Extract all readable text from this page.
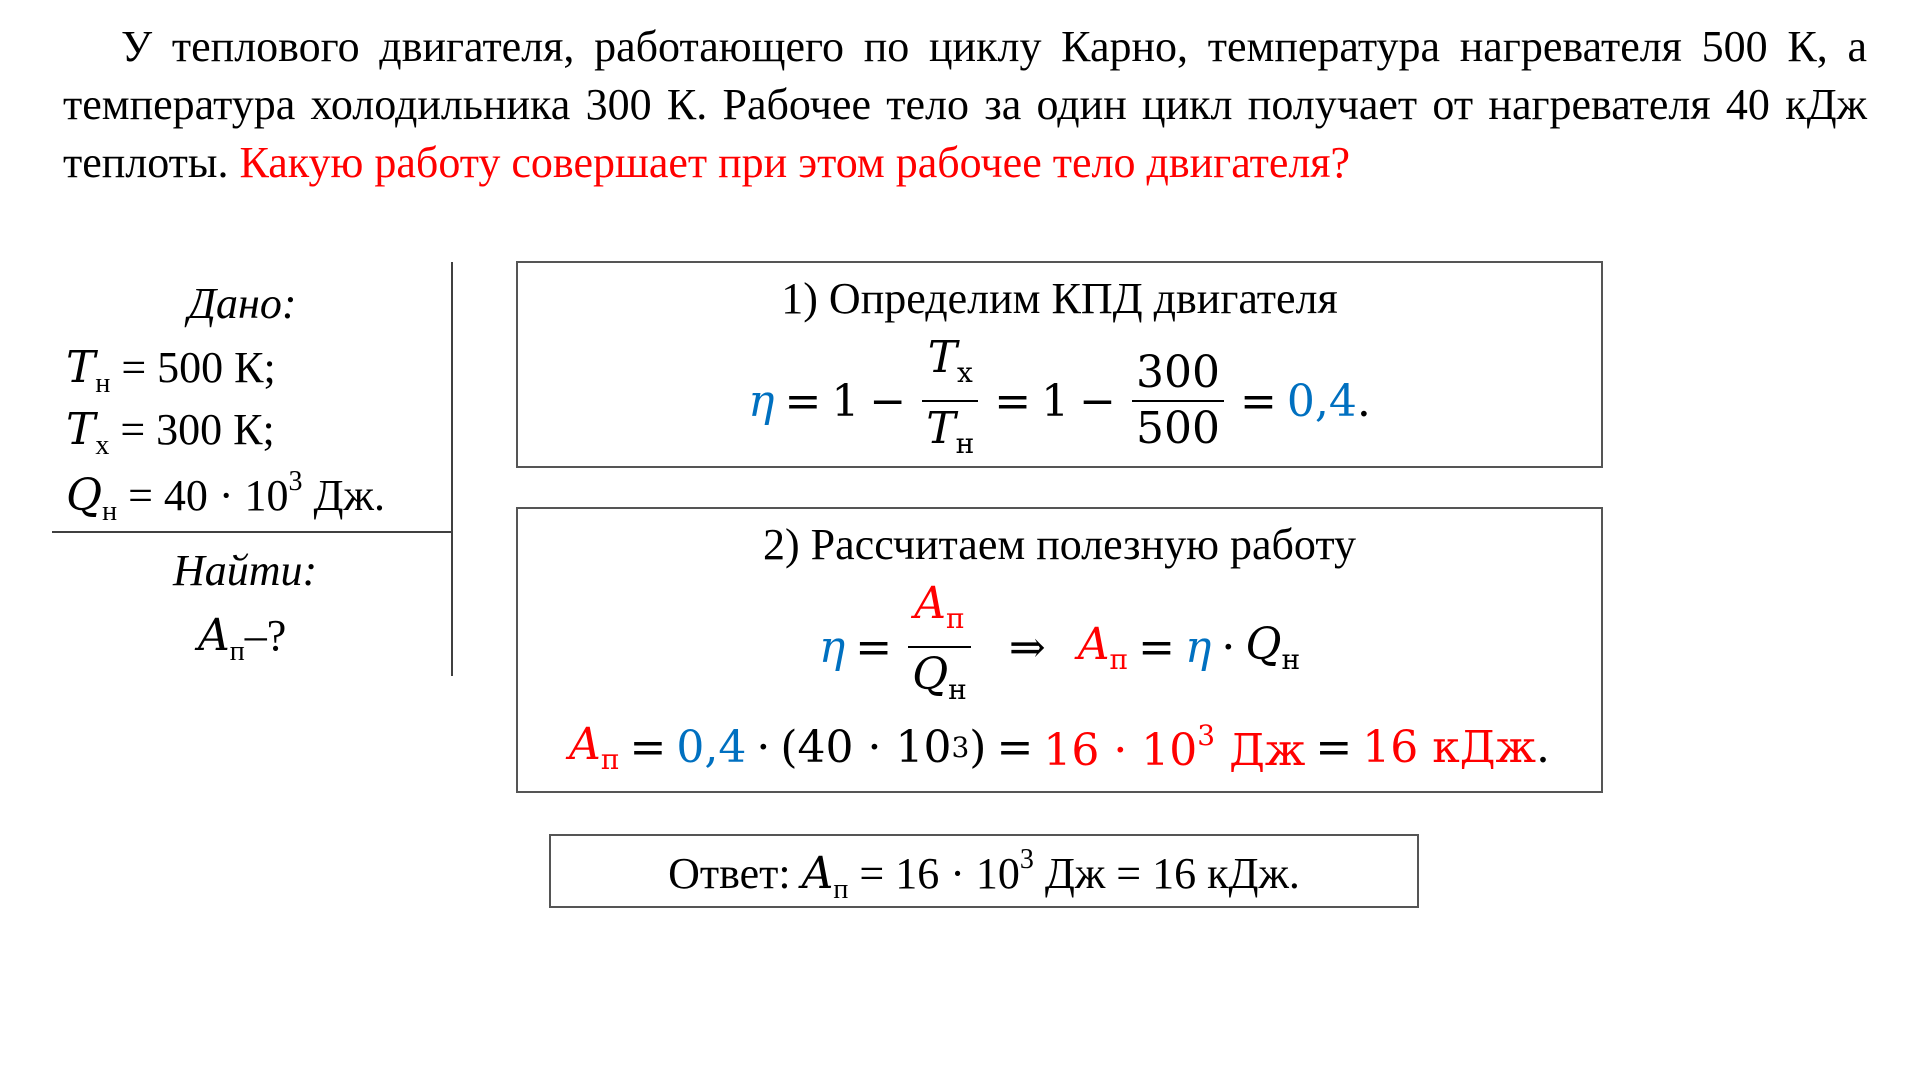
У теплового двигателя, работающего по циклу Карно, температура нагревателя 500 К, а температура холодильника 300 К. Рабочее тело за один цикл получает от нагревателя 40 кДж теплоты. Какую работу совершает при этом рабочее тело двигателя?
Дано:
$T_н = 500$ К;
$T_х = 300$ К;
$Q_н = 40 \cdot 10^3$ Дж.
Найти:
$A_п-$?
1) Определим КПД двигателя
$\eta = 1 - \frac{T_х}{T_н} = 1 - \frac{300}{500} = 0,4$ .
2) Рассчитаем полезную работу
$\eta = \frac{A_п}{Q_н}$ ⇒ $A_п = \eta \cdot Q_н$
$A_п = 0,4 \cdot (40 \cdot 10$ 3 ) = $16 \cdot 10^3$ Дж = 16 кДж .
Ответ: $A_п = 16 \cdot 10^3$ Дж = 16 кДж.
